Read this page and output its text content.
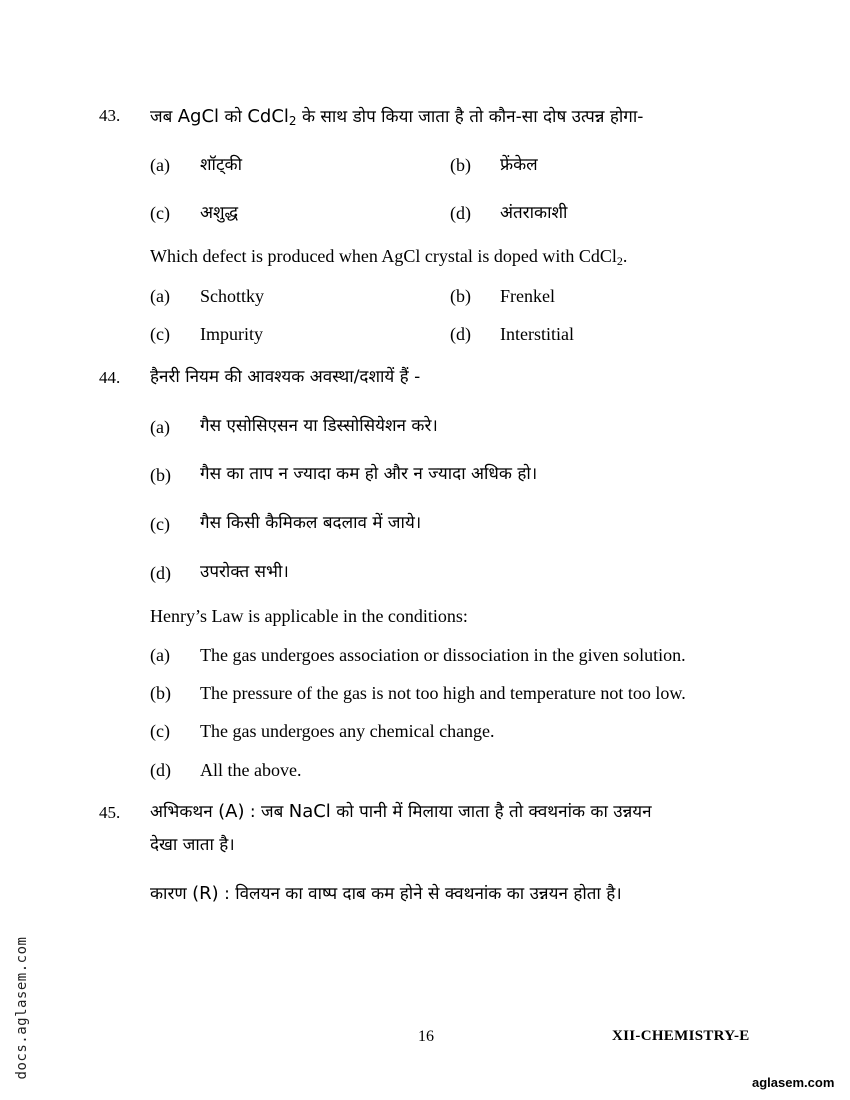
43. जब AgCl को CdCl$_2$ के साथ डोप किया जाता है तो कौन-सा दोष उत्पन्न होगा-
(a) शॉट्की	(b) फ्रेंकेल
(c) अशुद्ध	(d) अंतराकाशी
Which defect is produced when AgCl crystal is doped with CdCl$_2$.
(a) Schottky	(b) Frenkel
(c) Impurity	(d) Interstitial
44. हैनरी नियम की आवश्यक अवस्था/दशायें हैं -
(a) गैस एसोसिएसन या डिस्सोसियेशन करे।
(b) गैस का ताप न ज्यादा कम हो और न ज्यादा अधिक हो।
(c) गैस किसी कैमिकल बदलाव में जाये।
(d) उपरोक्त सभी।
Henry’s Law is applicable in the conditions:
(a) The gas undergoes association or dissociation in the given solution.
(b) The pressure of the gas is not too high and temperature not too low.
(c) The gas undergoes any chemical change.
(d) All the above.
45. अभिकथन (A) : जब NaCl को पानी में मिलाया जाता है तो क्वथनांक का उन्नयन
देखा जाता है।
कारण (R) : विलयन का वाष्प दाब कम होने से क्वथनांक का उन्नयन होता है।
16	XII-CHEMISTRY-E
aglasem.com
docs.aglasem.com
